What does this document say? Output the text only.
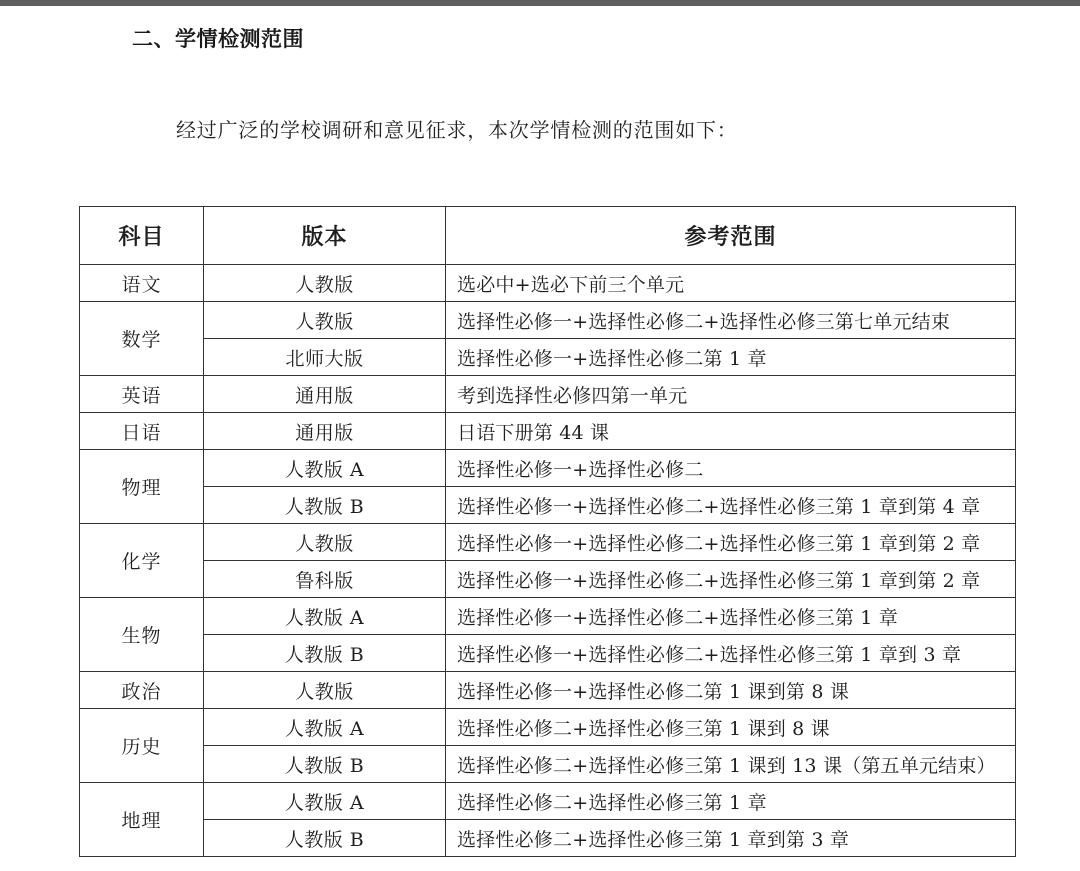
二、学情检测范围
经过广泛的学校调研和意见征求，本次学情检测的范围如下：
科目	版本	参考范围
语文	人教版	选必中+选必下前三个单元
数学	人教版	选择性必修一+选择性必修二+选择性必修三第七单元结束
	北师大版	选择性必修一+选择性必修二第 1 章
英语	通用版	考到选择性必修四第一单元
日语	通用版	日语下册第 44 课
物理	人教版 A	选择性必修一+选择性必修二
	人教版 B	选择性必修一+选择性必修二+选择性必修三第 1 章到第 4 章
化学	人教版	选择性必修一+选择性必修二+选择性必修三第 1 章到第 2 章
	鲁科版	选择性必修一+选择性必修二+选择性必修三第 1 章到第 2 章
生物	人教版 A	选择性必修一+选择性必修二+选择性必修三第 1 章
	人教版 B	选择性必修一+选择性必修二+选择性必修三第 1 章到 3 章
政治	人教版	选择性必修一+选择性必修二第 1 课到第 8 课
历史	人教版 A	选择性必修二+选择性必修三第 1 课到 8 课
	人教版 B	选择性必修二+选择性必修三第 1 课到 13 课（第五单元结束）
地理	人教版 A	选择性必修二+选择性必修三第 1 章
	人教版 B	选择性必修二+选择性必修三第 1 章到第 3 章
